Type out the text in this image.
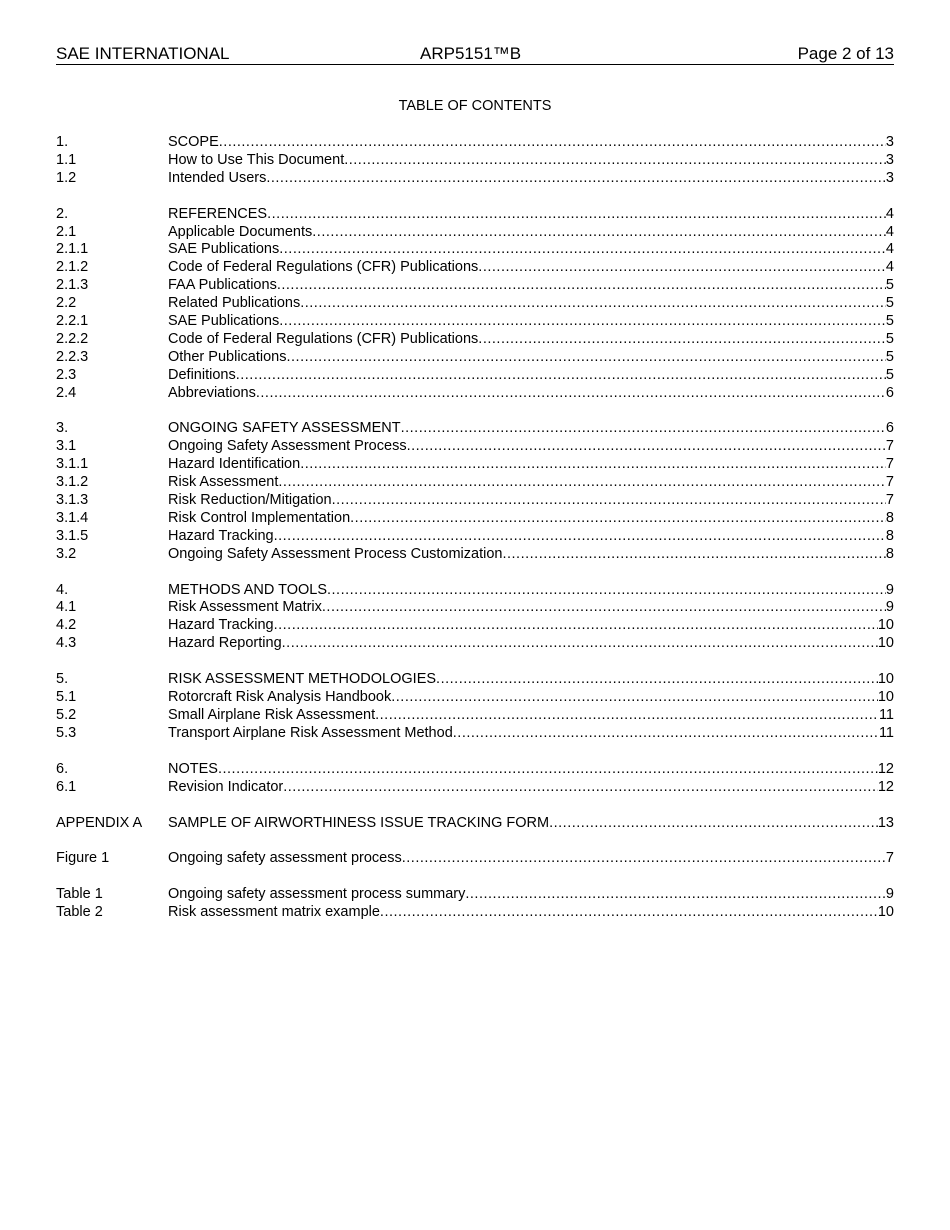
SAE INTERNATIONAL	ARP5151™B	Page 2 of 13
TABLE OF CONTENTS
1.	SCOPE .....	3
1.1	How to Use This Document .....	3
1.2	Intended Users .....	3
2.	REFERENCES .....	4
2.1	Applicable Documents .....	4
2.1.1	SAE Publications .....	4
2.1.2	Code of Federal Regulations (CFR) Publications .....	4
2.1.3	FAA Publications .....	5
2.2	Related Publications .....	5
2.2.1	SAE Publications .....	5
2.2.2	Code of Federal Regulations (CFR) Publications .....	5
2.2.3	Other Publications .....	5
2.3	Definitions .....	5
2.4	Abbreviations .....	6
3.	ONGOING SAFETY ASSESSMENT .....	6
3.1	Ongoing Safety Assessment Process .....	7
3.1.1	Hazard Identification .....	7
3.1.2	Risk Assessment .....	7
3.1.3	Risk Reduction/Mitigation .....	7
3.1.4	Risk Control Implementation .....	8
3.1.5	Hazard Tracking .....	8
3.2	Ongoing Safety Assessment Process Customization .....	8
4.	METHODS AND TOOLS .....	9
4.1	Risk Assessment Matrix .....	9
4.2	Hazard Tracking .....	10
4.3	Hazard Reporting .....	10
5.	RISK ASSESSMENT METHODOLOGIES .....	10
5.1	Rotorcraft Risk Analysis Handbook .....	10
5.2	Small Airplane Risk Assessment .....	11
5.3	Transport Airplane Risk Assessment Method .....	11
6.	NOTES .....	12
6.1	Revision Indicator .....	12
APPENDIX A	SAMPLE OF AIRWORTHINESS ISSUE TRACKING FORM .....	13
Figure 1	Ongoing safety assessment process .....	7
Table 1	Ongoing safety assessment process summary .....	9
Table 2	Risk assessment matrix example .....	10
